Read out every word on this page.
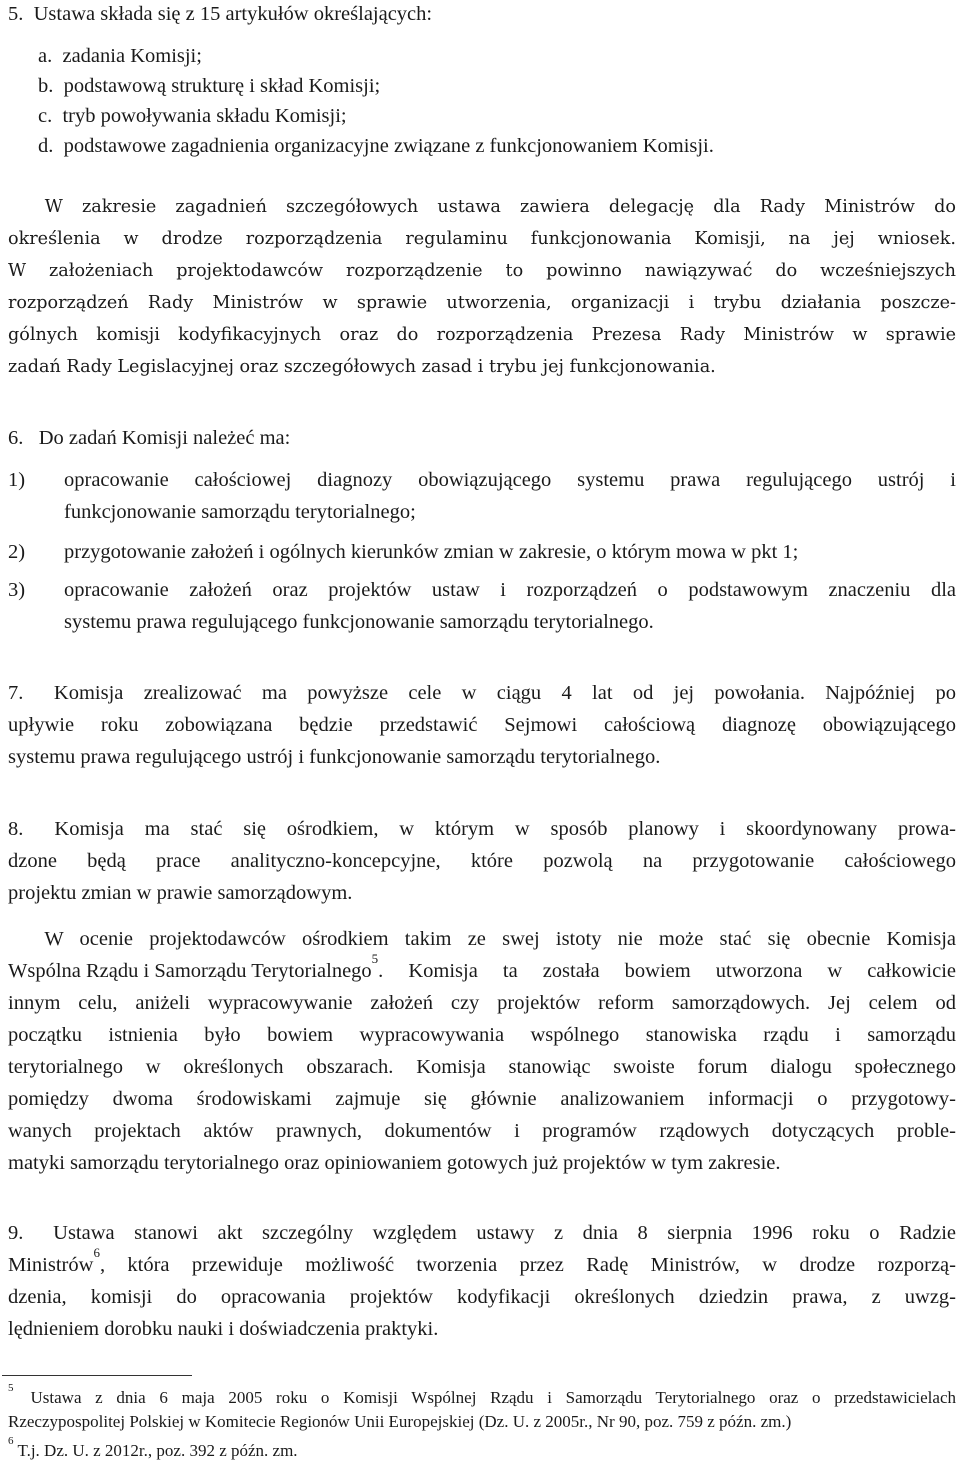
5. Ustawa składa się z 15 artykułów określających:
a. zadania Komisji;
b. podstawową strukturę i skład Komisji;
c. tryb powoływania składu Komisji;
d. podstawowe zagadnienia organizacyjne związane z funkcjonowaniem Komisji.
  W zakresie zagadnień szczegółowych ustawa zawiera delegację dla Rady Ministrów do
określenia w drodze rozporządzenia regulaminu funkcjonowania Komisji, na jej wniosek.
W założeniach projektodawców rozporządzenie to powinno nawiązywać do wcześniejszych
rozporządzeń Rady Ministrów w sprawie utworzenia, organizacji i trybu działania poszcze-
gólnych komisji kodyfikacyjnych oraz do rozporządzenia Prezesa Rady Ministrów w sprawie
zadań Rady Legislacyjnej oraz szczegółowych zasad i trybu jej funkcjonowania.
6.  Do zadań Komisji należeć ma:
1)	opracowanie całościowej diagnozy obowiązującego systemu prawa regulującego ustrój i
funkcjonowanie samorządu terytorialnego;
2)	przygotowanie założeń i ogólnych kierunków zmian w zakresie, o którym mowa w pkt 1;
3)	opracowanie założeń oraz projektów ustaw i rozporządzeń o podstawowym znaczeniu dla
systemu prawa regulującego funkcjonowanie samorządu terytorialnego.
7.  Komisja zrealizować ma powyższe cele w ciągu 4 lat od jej powołania. Najpóźniej po
upływie roku zobowiązana będzie przedstawić Sejmowi całościową diagnozę obowiązującego
systemu prawa regulującego ustrój i funkcjonowanie samorządu terytorialnego.
8.  Komisja ma stać się ośrodkiem, w którym w sposób planowy i skoordynowany prowa-
dzone będą prace analityczno-koncepcyjne, które pozwolą na przygotowanie całościowego
projektu zmian w prawie samorządowym.
  W ocenie projektodawców ośrodkiem takim ze swej istoty nie może stać się obecnie Komisja
Wspólna Rządu i Samorządu Terytorialnego
5
. Komisja ta została bowiem utworzona w całkowicie
innym celu, aniżeli wypracowywanie założeń czy projektów reform samorządowych. Jej celem od
początku istnienia było bowiem wypracowywania wspólnego stanowiska rządu i samorządu
terytorialnego w określonych obszarach. Komisja stanowiąc swoiste forum dialogu społecznego
pomiędzy dwoma środowiskami zajmuje się głównie analizowaniem informacji o przygotowy-
wanych projektach aktów prawnych, dokumentów i programów rządowych dotyczących proble-
matyki samorządu terytorialnego oraz opiniowaniem gotowych już projektów w tym zakresie.
9.  Ustawa stanowi akt szczególny względem ustawy z dnia 8 sierpnia 1996 roku o Radzie
Ministrów
6
, która przewiduje możliwość tworzenia przez Radę Ministrów, w drodze rozporzą-
dzenia, komisji do opracowania projektów kodyfikacji określonych dziedzin prawa, z uwzg-
lędnieniem dorobku nauki i doświadczenia praktyki.
5  Ustawa z dnia 6 maja 2005 roku o Komisji Wspólnej Rządu i Samorządu Terytorialnego oraz o przedstawicielach
Rzeczypospolitej Polskiej w Komitecie Regionów Unii Europejskiej (Dz. U. z 2005r., Nr 90, poz. 759 z późn. zm.)
6 T.j. Dz. U. z 2012r., poz. 392 z późn. zm.
